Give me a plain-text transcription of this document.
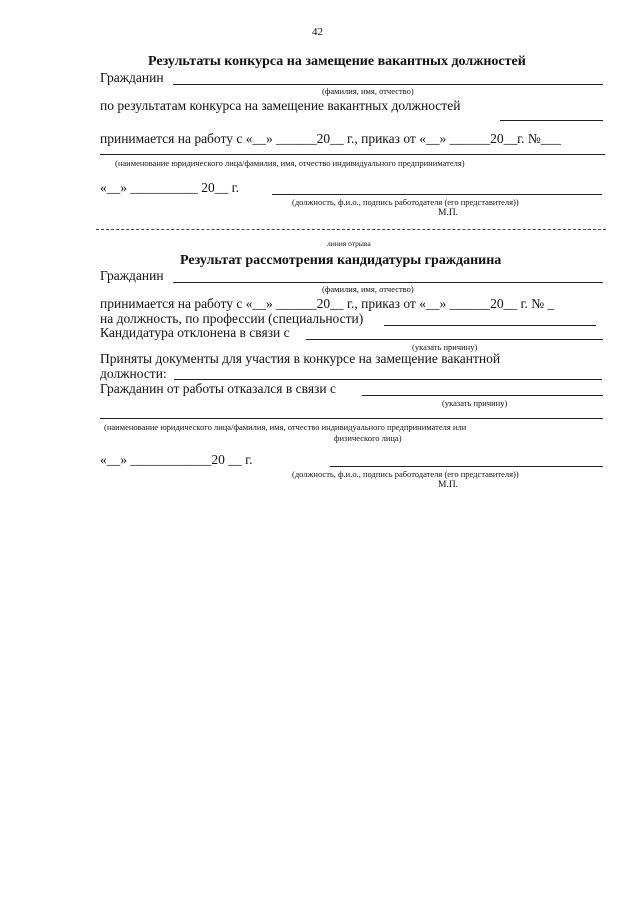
42
Результаты конкурса на замещение вакантных должностей
Гражданин
(фамилия, имя, отчество)
по результатам конкурса на замещение вакантных должностей
принимается на работу с «__» ______20__ г., приказ от «__» ______20__г. №___
(наименование юридического лица/фамилия, имя, отчество индивидуального предпринимателя)
«__» __________ 20__ г.
(должность, ф.и.о., подпись работодателя (его представителя))
М.П.
линия отрыва
Результат рассмотрения кандидатуры гражданина
Гражданин
(фамилия, имя, отчество)
принимается на работу с «__» ______20__ г., приказ от «__» ______20__ г. № _
на должность, по профессии (специальности)
Кандидатура отклонена в связи с
(указать причину)
Приняты документы для участия в конкурсе на замещение вакантной
должности:
Гражданин от работы отказался в связи с
(указать причину)
(наименование юридического лица/фамилия, имя, отчество индивидуального предпринимателя или
физического лица)
«__» ____________20 __ г.
(должность, ф.и.о., подпись работодателя (его представителя))
М.П.
